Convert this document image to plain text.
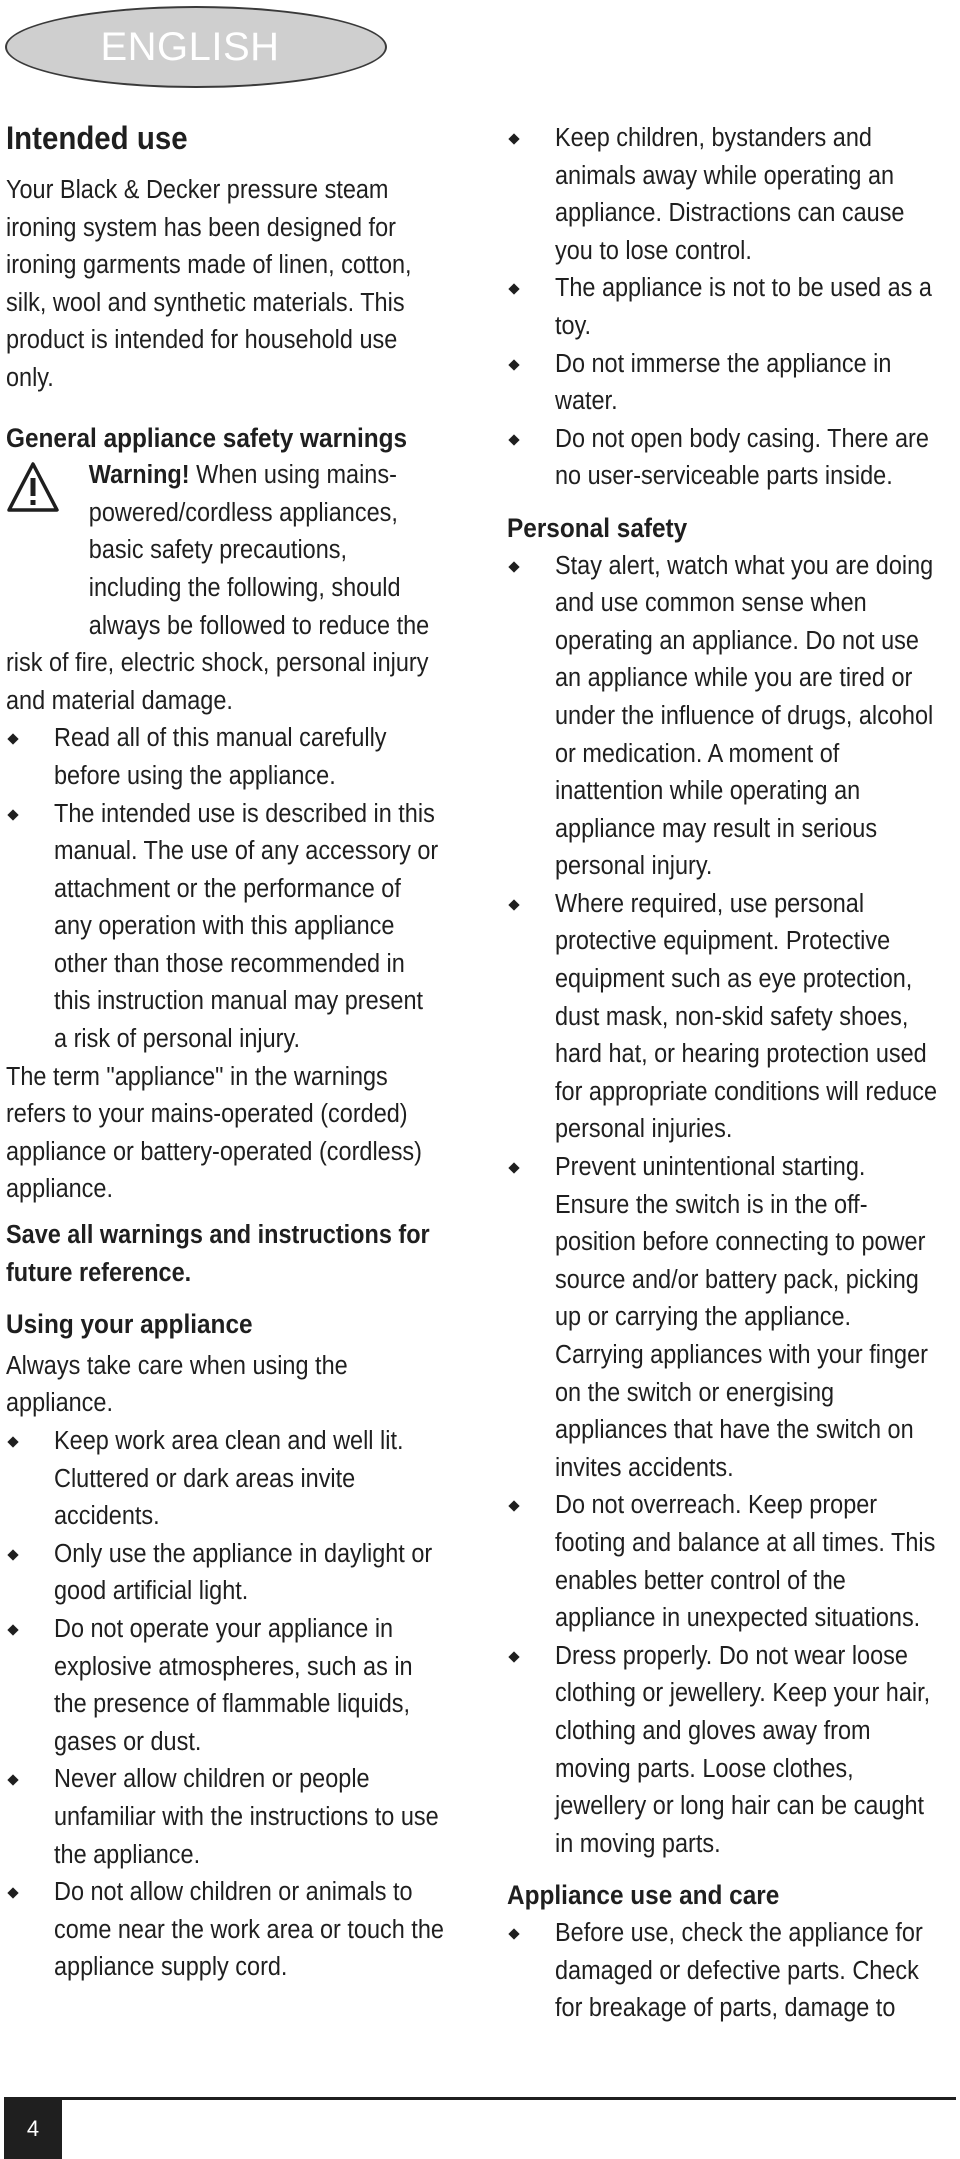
ENGLISH
Intended use
Your Black & Decker pressure steam
ironing system has been designed for
ironing garments made of linen, cotton,
silk, wool and synthetic materials. This
product is intended for household use
only.
General appliance safety warnings
Warning! When using mains-
powered/cordless appliances,
basic safety precautions,
including the following, should
always be followed to reduce the
risk of fire, electric shock, personal injury
and material damage.
Read all of this manual carefully
before using the appliance.
The intended use is described in this
manual. The use of any accessory or
attachment or the performance of
any operation with this appliance
other than those recommended in
this instruction manual may present
a risk of personal injury.
The term "appliance" in the warnings
refers to your mains-operated (corded)
appliance or battery-operated (cordless)
appliance.
Save all warnings and instructions for
future reference.
Using your appliance
Always take care when using the
appliance.
Keep work area clean and well lit.
Cluttered or dark areas invite
accidents.
Only use the appliance in daylight or
good artificial light.
Do not operate your appliance in
explosive atmospheres, such as in
the presence of flammable liquids,
gases or dust.
Never allow children or people
unfamiliar with the instructions to use
the appliance.
Do not allow children or animals to
come near the work area or touch the
appliance supply cord.
Keep children, bystanders and
animals away while operating an
appliance. Distractions can cause
you to lose control.
The appliance is not to be used as a
toy.
Do not immerse the appliance in
water.
Do not open body casing. There are
no user-serviceable parts inside.
Personal safety
Stay alert, watch what you are doing
and use common sense when
operating an appliance. Do not use
an appliance while you are tired or
under the influence of drugs, alcohol
or medication. A moment of
inattention while operating an
appliance may result in serious
personal injury.
Where required, use personal
protective equipment. Protective
equipment such as eye protection,
dust mask, non-skid safety shoes,
hard hat, or hearing protection used
for appropriate conditions will reduce
personal injuries.
Prevent unintentional starting.
Ensure the switch is in the off-
position before connecting to power
source and/or battery pack, picking
up or carrying the appliance.
Carrying appliances with your finger
on the switch or energising
appliances that have the switch on
invites accidents.
Do not overreach. Keep proper
footing and balance at all times. This
enables better control of the
appliance in unexpected situations.
Dress properly. Do not wear loose
clothing or jewellery. Keep your hair,
clothing and gloves away from
moving parts. Loose clothes,
jewellery or long hair can be caught
in moving parts.
Appliance use and care
Before use, check the appliance for
damaged or defective parts. Check
for breakage of parts, damage to
4
